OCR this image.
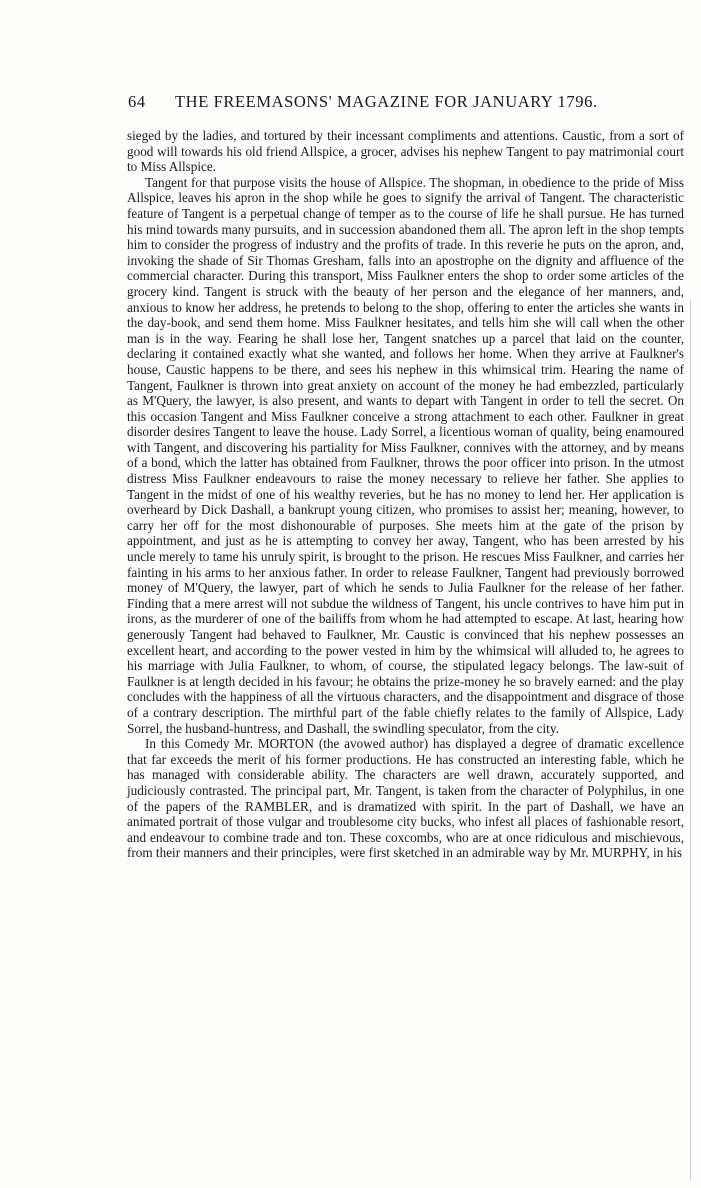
64 THE FREEMASONS' MAGAZINE FOR JANUARY 1796.

sieged by the ladies, and tortured by their incessant compliments and attentions. Caustic, from a sort of good will towards his old friend Allspice, a grocer, advises his nephew Tangent to pay matrimonial court to Miss Allspice.

Tangent for that purpose visits the house of Allspice. The shopman, in obedience to the pride of Miss Allspice, leaves his apron in the shop while he goes to signify the arrival of Tangent. The characteristic feature of Tangent is a perpetual change of temper as to the course of life he shall pursue. He has turned his mind towards many pursuits, and in succession abandoned them all. The apron left in the shop tempts him to consider the progress of industry and the profits of trade. In this reverie he puts on the apron, and, invoking the shade of Sir Thomas Gresham, falls into an apostrophe on the dignity and affluence of the commercial character. During this transport, Miss Faulkner enters the shop to order some articles of the grocery kind. Tangent is struck with the beauty of her person and the elegance of her manners, and, anxious to know her address, he pretends to belong to the shop, offering to enter the articles she wants in the day-book, and send them home. Miss Faulkner hesitates, and tells him she will call when the other man is in the way. Fearing he shall lose her, Tangent snatches up a parcel that laid on the counter, declaring it contained exactly what she wanted, and follows her home. When they arrive at Faulkner's house, Caustic happens to be there, and sees his nephew in this whimsical trim. Hearing the name of Tangent, Faulkner is thrown into great anxiety on account of the money he had embezzled, particularly as M'Query, the lawyer, is also present, and wants to depart with Tangent in order to tell the secret. On this occasion Tangent and Miss Faulkner conceive a strong attachment to each other. Faulkner in great disorder desires Tangent to leave the house. Lady Sorrel, a licentious woman of quality, being enamoured with Tangent, and discovering his partiality for Miss Faulkner, connives with the attorney, and by means of a bond, which the latter has obtained from Faulkner, throws the poor officer into prison. In the utmost distress Miss Faulkner endeavours to raise the money necessary to relieve her father. She applies to Tangent in the midst of one of his wealthy reveries, but he has no money to lend her. Her application is overheard by Dick Dashall, a bankrupt young citizen, who promises to assist her; meaning, however, to carry her off for the most dishonourable of purposes. She meets him at the gate of the prison by appointment, and just as he is attempting to convey her away, Tangent, who has been arrested by his uncle merely to tame his unruly spirit, is brought to the prison. He rescues Miss Faulkner, and carries her fainting in his arms to her anxious father. In order to release Faulkner, Tangent had previously borrowed money of M'Query, the lawyer, part of which he sends to Julia Faulkner for the release of her father. Finding that a mere arrest will not subdue the wildness of Tangent, his uncle contrives to have him put in irons, as the murderer of one of the bailiffs from whom he had attempted to escape. At last, hearing how generously Tangent had behaved to Faulkner, Mr. Caustic is convinced that his nephew possesses an excellent heart, and according to the power vested in him by the whimsical will alluded to, he agrees to his marriage with Julia Faulkner, to whom, of course, the stipulated legacy belongs. The law-suit of Faulkner is at length decided in his favour; he obtains the prize-money he so bravely earned: and the play concludes with the happiness of all the virtuous characters, and the disappointment and disgrace of those of a contrary description. The mirthful part of the fable chiefly relates to the family of Allspice, Lady Sorrel, the husband-huntress, and Dashall, the swindling speculator, from the city.

In this Comedy Mr. MORTON (the avowed author) has displayed a degree of dramatic excellence that far exceeds the merit of his former productions. He has constructed an interesting fable, which he has managed with considerable ability. The characters are well drawn, accurately supported, and judiciously contrasted. The principal part, Mr. Tangent, is taken from the character of Polyphilus, in one of the papers of the RAMBLER, and is dramatized with spirit. In the part of Dashall, we have an animated portrait of those vulgar and troublesome city bucks, who infest all places of fashionable resort, and endeavour to combine trade and ton. These coxcombs, who are at once ridiculous and mischievous, from their manners and their principles, were first sketched in an admirable way by Mr. MURPHY, in his
